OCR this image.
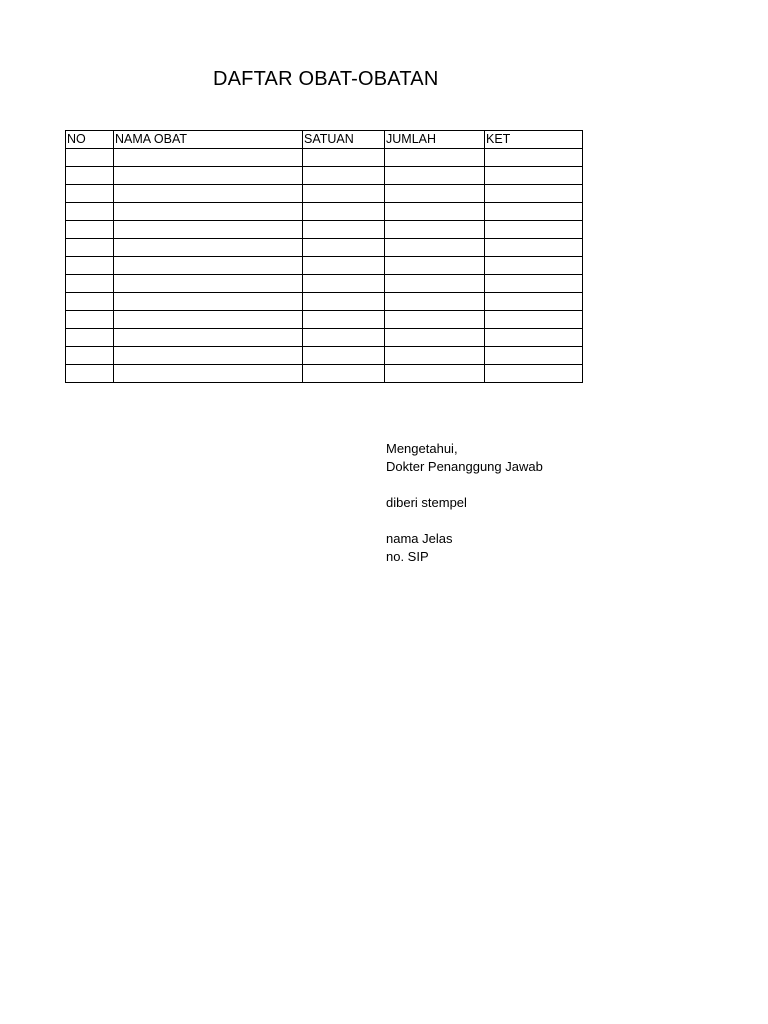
DAFTAR OBAT-OBATAN
NO	NAMA OBAT	SATUAN	JUMLAH	KET

Mengetahui,
Dokter Penanggung Jawab
diberi stempel
nama Jelas
no. SIP
